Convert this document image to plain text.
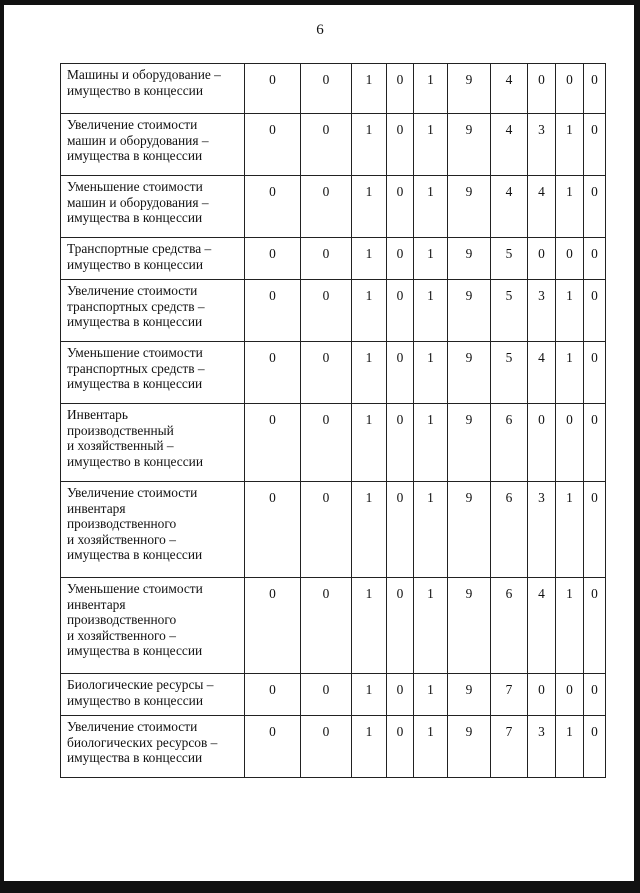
6
Машины и оборудование –
имущество в концессии	0	0	1	0	1	9	4	0	0	0

Увеличение стоимости
машин и оборудования –
имущества в концессии	0	0	1	0	1	9	4	3	1	0

Уменьшение стоимости
машин и оборудования –
имущества в концессии	0	0	1	0	1	9	4	4	1	0

Транспортные средства –
имущество в концессии	0	0	1	0	1	9	5	0	0	0

Увеличение стоимости
транспортных средств –
имущества в концессии	0	0	1	0	1	9	5	3	1	0

Уменьшение стоимости
транспортных средств –
имущества в концессии	0	0	1	0	1	9	5	4	1	0

Инвентарь
производственный
и хозяйственный –
имущество в концессии	0	0	1	0	1	9	6	0	0	0

Увеличение стоимости
инвентаря
производственного
и хозяйственного –
имущества в концессии	0	0	1	0	1	9	6	3	1	0

Уменьшение стоимости
инвентаря
производственного
и хозяйственного –
имущества в концессии	0	0	1	0	1	9	6	4	1	0

Биологические ресурсы –
имущество в концессии	0	0	1	0	1	9	7	0	0	0

Увеличение стоимости
биологических ресурсов –
имущества в концессии	0	0	1	0	1	9	7	3	1	0
